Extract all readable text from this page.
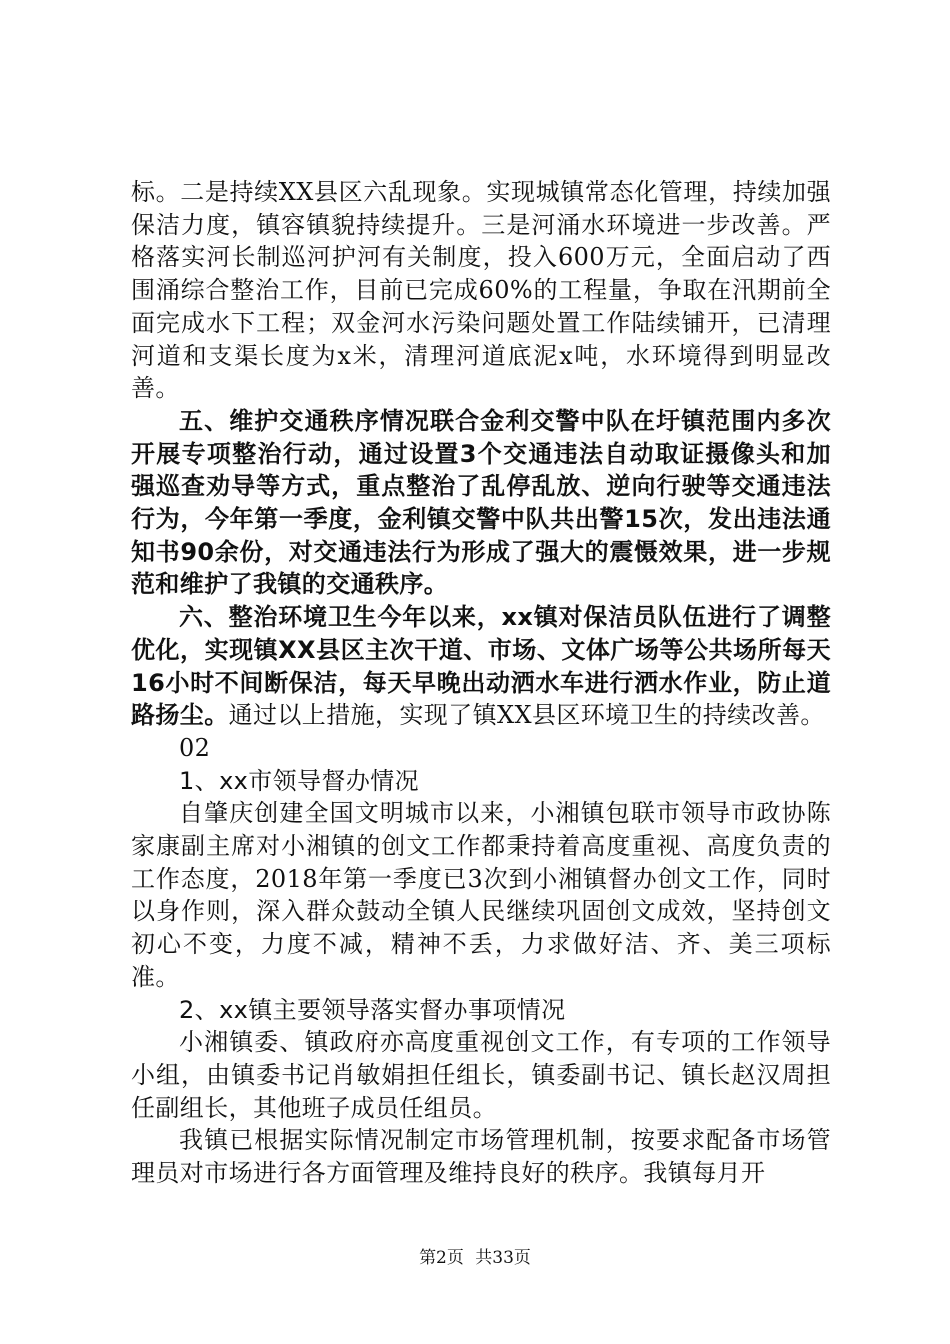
标。二是持续XX县区六乱现象。实现城镇常态化管理，持续加强保洁力度，镇容镇貌持续提升。三是河涌水环境进一步改善。严格落实河长制巡河护河有关制度，投入600万元，全面启动了西围涌综合整治工作，目前已完成60%的工程量，争取在汛期前全面完成水下工程；双金河水污染问题处置工作陆续铺开，已清理河道和支渠长度为x米，清理河道底泥x吨，水环境得到明显改善。

五、维护交通秩序情况联合金利交警中队在圩镇范围内多次开展专项整治行动，通过设置3个交通违法自动取证摄像头和加强巡查劝导等方式，重点整治了乱停乱放、逆向行驶等交通违法行为，今年第一季度，金利镇交警中队共出警15次，发出违法通知书90余份，对交通违法行为形成了强大的震慑效果，进一步规范和维护了我镇的交通秩序。

六、整治环境卫生今年以来，xx镇对保洁员队伍进行了调整优化，实现镇XX县区主次干道、市场、文体广场等公共场所每天16小时不间断保洁，每天早晚出动洒水车进行洒水作业，防止道路扬尘。通过以上措施，实现了镇XX县区环境卫生的持续改善。

02

1、xx市领导督办情况

自肇庆创建全国文明城市以来，小湘镇包联市领导市政协陈家康副主席对小湘镇的创文工作都秉持着高度重视、高度负责的工作态度，2018年第一季度已3次到小湘镇督办创文工作，同时以身作则，深入群众鼓动全镇人民继续巩固创文成效，坚持创文初心不变，力度不减，精神不丢，力求做好洁、齐、美三项标准。

2、xx镇主要领导落实督办事项情况

小湘镇委、镇政府亦高度重视创文工作，有专项的工作领导小组，由镇委书记肖敏娟担任组长，镇委副书记、镇长赵汉周担任副组长，其他班子成员任组员。

我镇已根据实际情况制定市场管理机制，按要求配备市场管理员对市场进行各方面管理及维持良好的秩序。我镇每月开

第2页 共33页
